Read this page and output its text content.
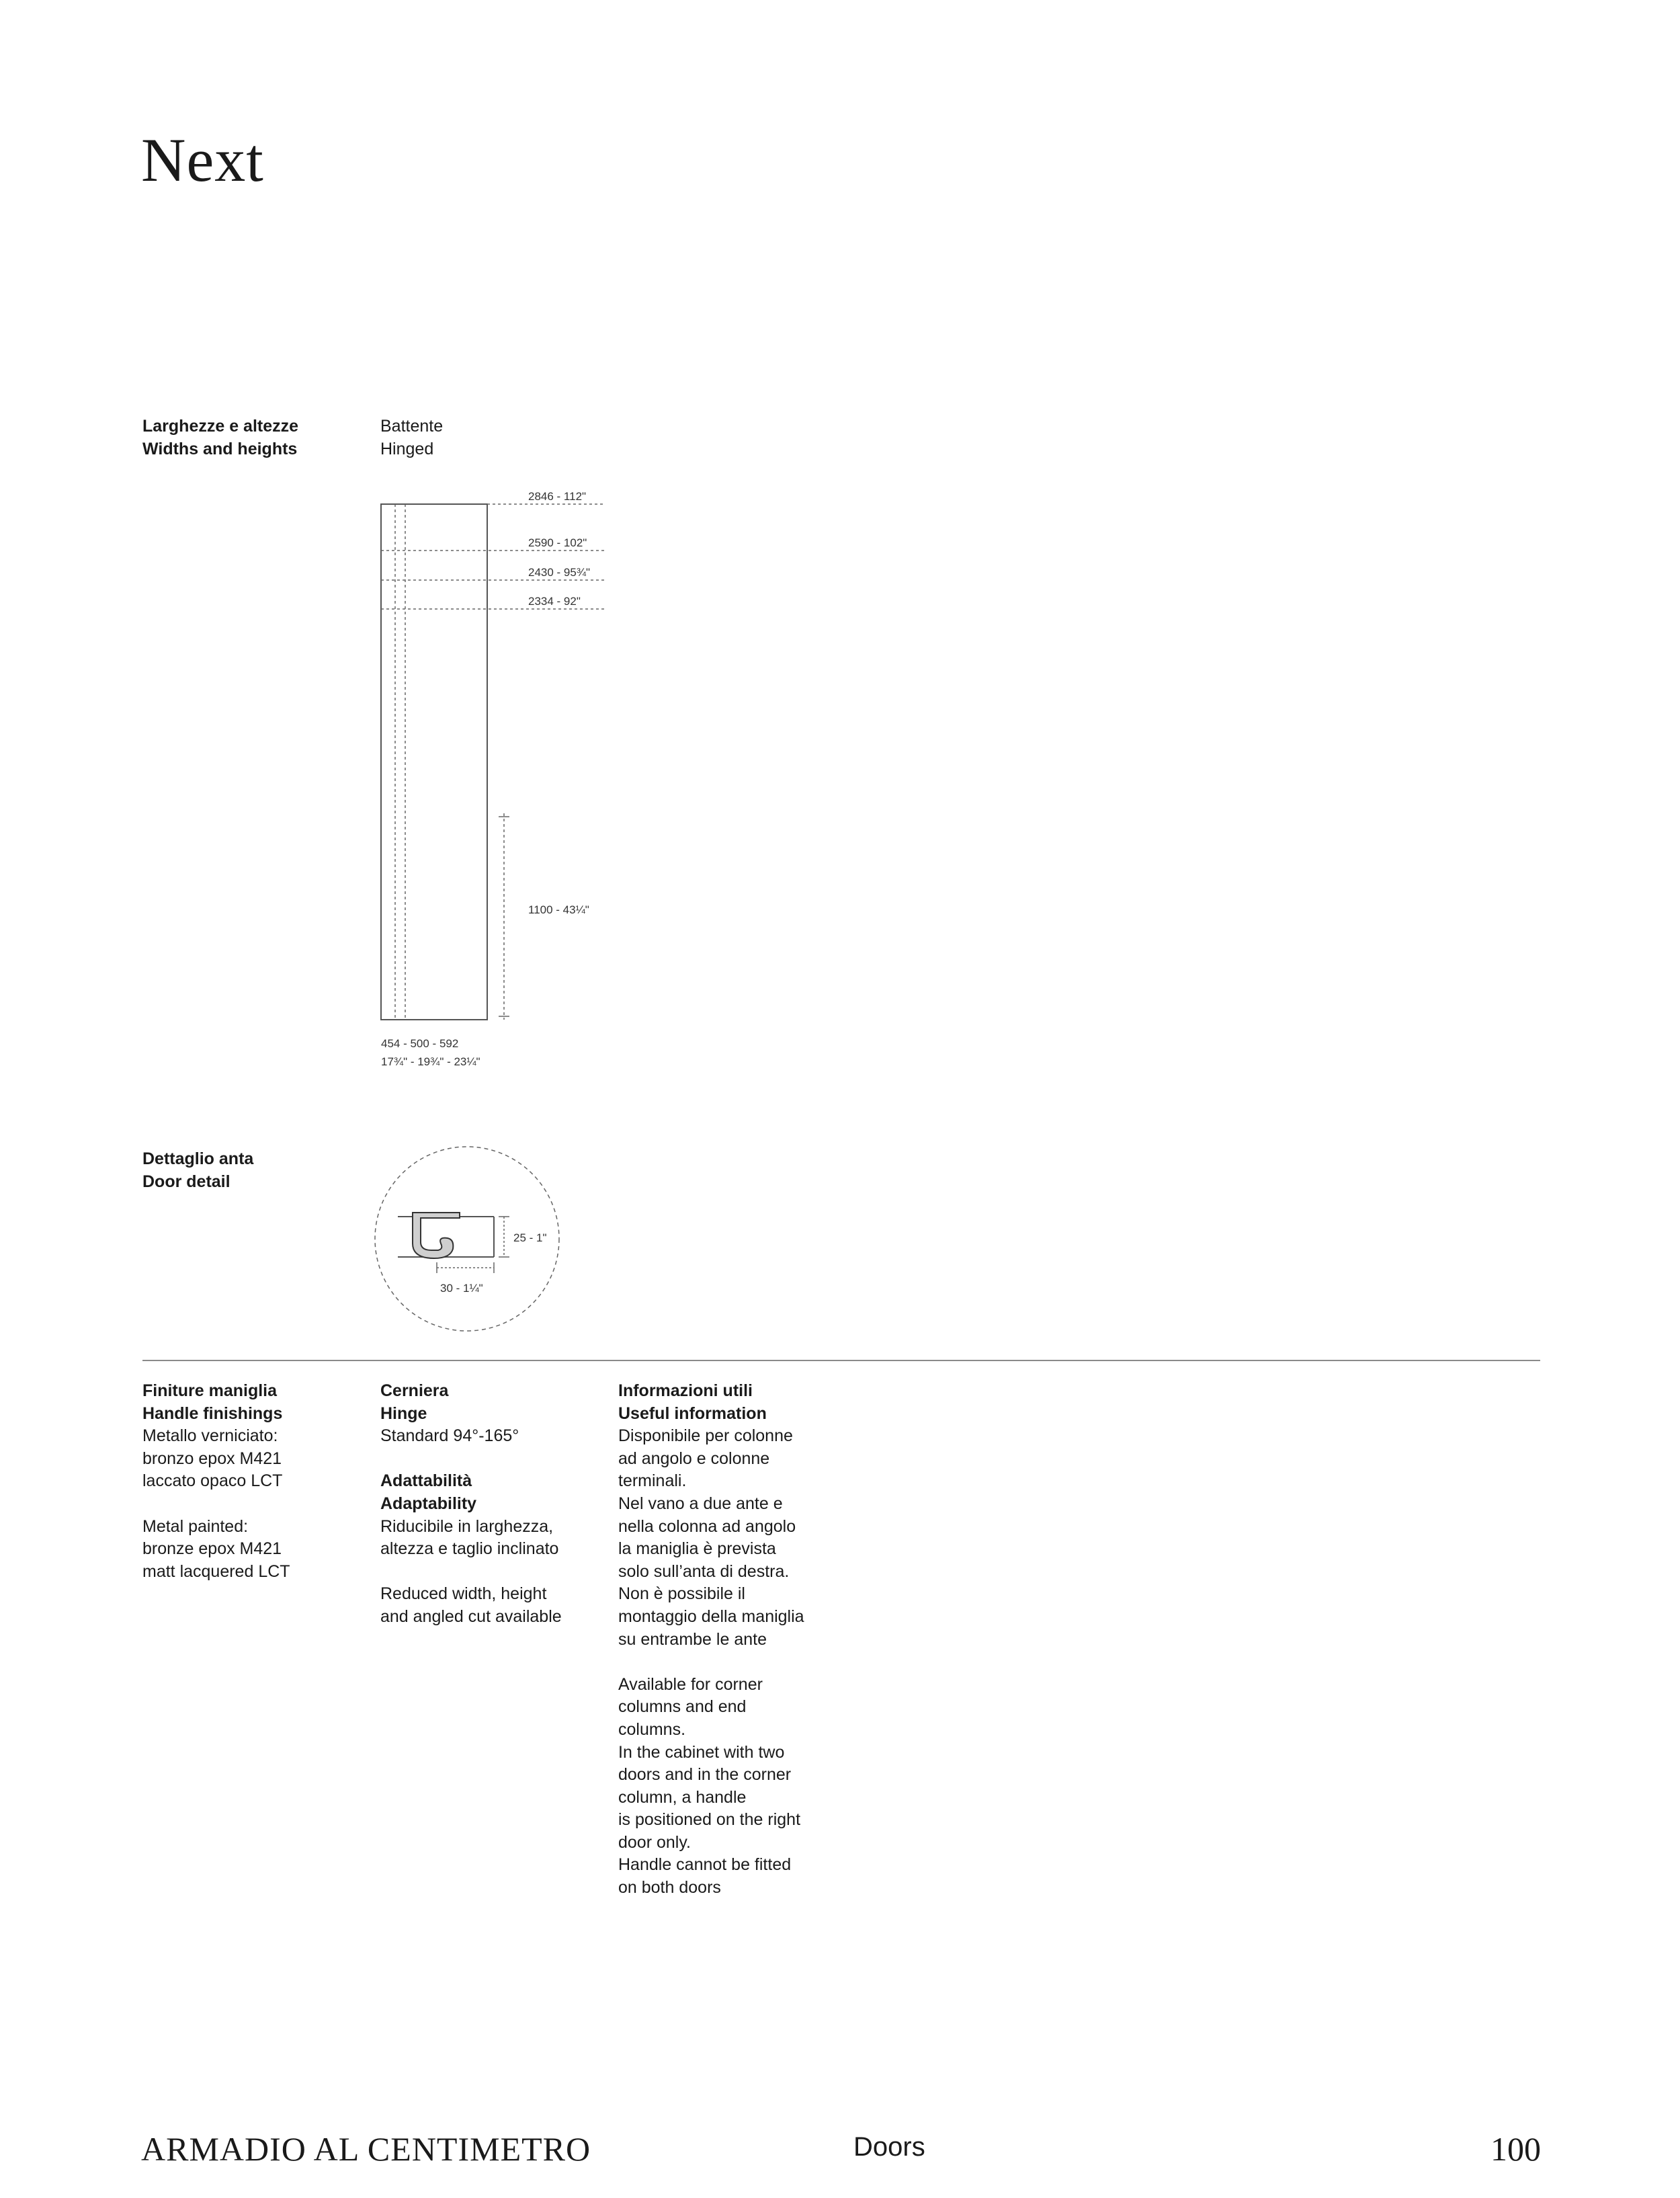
Next
Larghezze e altezze
Widths and heights
Battente
Hinged
2846 - 112"
2590 - 102"
2430 - 95¾"
2334 - 92"
1100 - 43¼"
454 - 500 - 592
17¾" - 19¾" - 23¼"
Dettaglio anta
Door detail
25 - 1"
30 - 1¼"
Finiture maniglia
Handle finishings
Metallo verniciato:
bronzo epox M421
laccato opaco LCT
Metal painted:
bronze epox M421
matt lacquered LCT
Cerniera
Hinge
Standard 94°-165°
Adattabilità
Adaptability
Riducibile in larghezza,
altezza e taglio inclinato
Reduced width, height
and angled cut available
Informazioni utili
Useful information
Disponibile per colonne
ad angolo e colonne
terminali.
Nel vano a due ante e
nella colonna ad angolo
la maniglia è prevista
solo sull’anta di destra.
Non è possibile il
montaggio della maniglia
su entrambe le ante
Available for corner
columns and end
columns.
In the cabinet with two
doors and in the corner
column, a handle
is positioned on the right
door only.
Handle cannot be fitted
on both doors
ARMADIO AL CENTIMETRO	Doors	100
